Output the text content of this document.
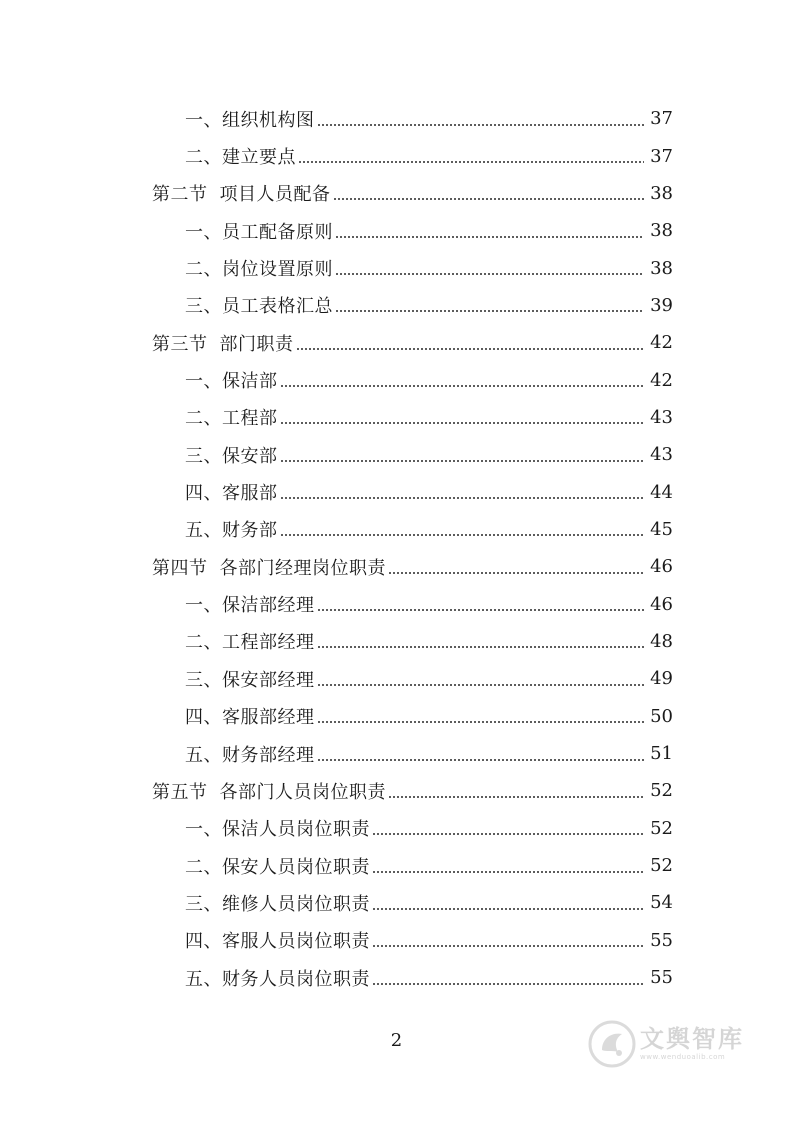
一、组织机构图	37
二、建立要点	37
第二节 项目人员配备	38
一、员工配备原则	38
二、岗位设置原则	38
三、员工表格汇总	39
第三节 部门职责	42
一、保洁部	42
二、工程部	43
三、保安部	43
四、客服部	44
五、财务部	45
第四节 各部门经理岗位职责	46
一、保洁部经理	46
二、工程部经理	48
三、保安部经理	49
四、客服部经理	50
五、财务部经理	51
第五节 各部门人员岗位职责	52
一、保洁人员岗位职责	52
二、保安人员岗位职责	52
三、维修人员岗位职责	54
四、客服人员岗位职责	55
五、财务人员岗位职责	55
2	文舆智库
www.wenduoalib.com
